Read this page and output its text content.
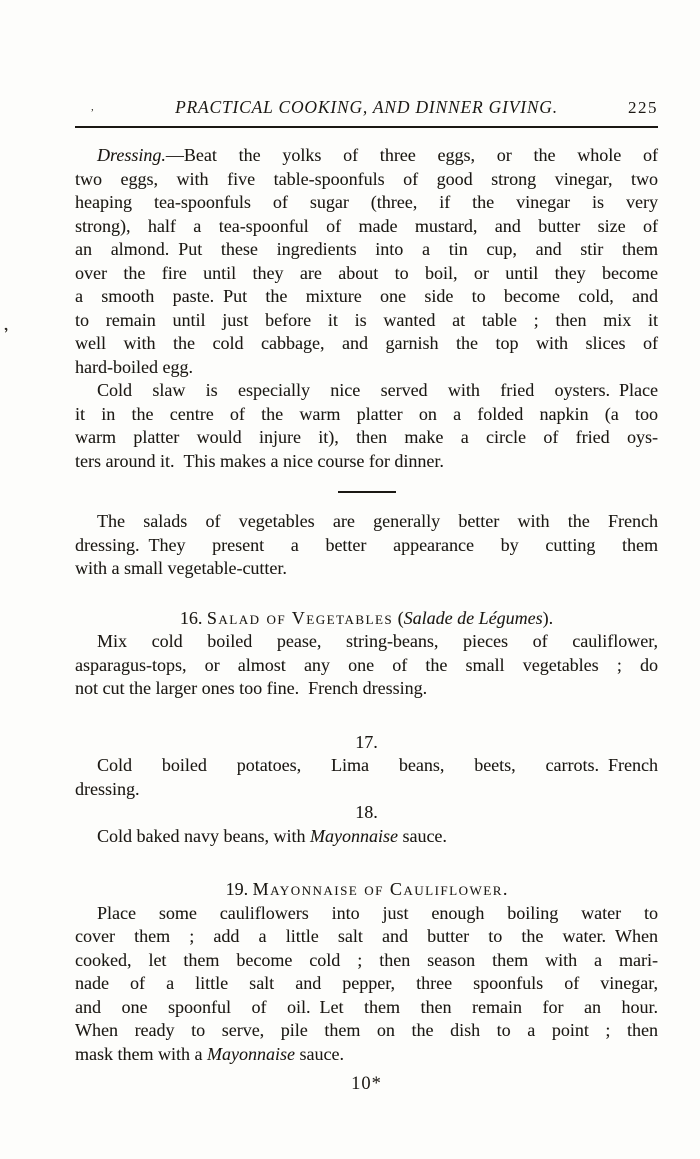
PRACTICAL COOKING, AND DINNER GIVING.	225
Dressing.—Beat the yolks of three eggs, or the whole of
two eggs, with five table-spoonfuls of good strong vinegar, two
heaping tea-spoonfuls of sugar (three, if the vinegar is very
strong), half a tea-spoonful of made mustard, and butter size of
an almond. Put these ingredients into a tin cup, and stir them
over the fire until they are about to boil, or until they become
a smooth paste. Put the mixture one side to become cold, and
to remain until just before it is wanted at table ; then mix it
well with the cold cabbage, and garnish the top with slices of
hard-boiled egg.
Cold slaw is especially nice served with fried oysters. Place
it in the centre of the warm platter on a folded napkin (a too
warm platter would injure it), then make a circle of fried oys-
ters around it. This makes a nice course for dinner.
The salads of vegetables are generally better with the French
dressing. They present a better appearance by cutting them
with a small vegetable-cutter.
16. Salad of Vegetables (Salade de Légumes).
Mix cold boiled pease, string-beans, pieces of cauliflower,
asparagus-tops, or almost any one of the small vegetables ; do
not cut the larger ones too fine. French dressing.
17.
Cold boiled potatoes, Lima beans, beets, carrots. French
dressing.
18.
Cold baked navy beans, with Mayonnaise sauce.
19. Mayonnaise of Cauliflower.
Place some cauliflowers into just enough boiling water to
cover them ; add a little salt and butter to the water. When
cooked, let them become cold ; then season them with a mari-
nade of a little salt and pepper, three spoonfuls of vinegar,
and one spoonful of oil. Let them then remain for an hour.
When ready to serve, pile them on the dish to a point ; then
mask them with a Mayonnaise sauce.
10*
‚
,
